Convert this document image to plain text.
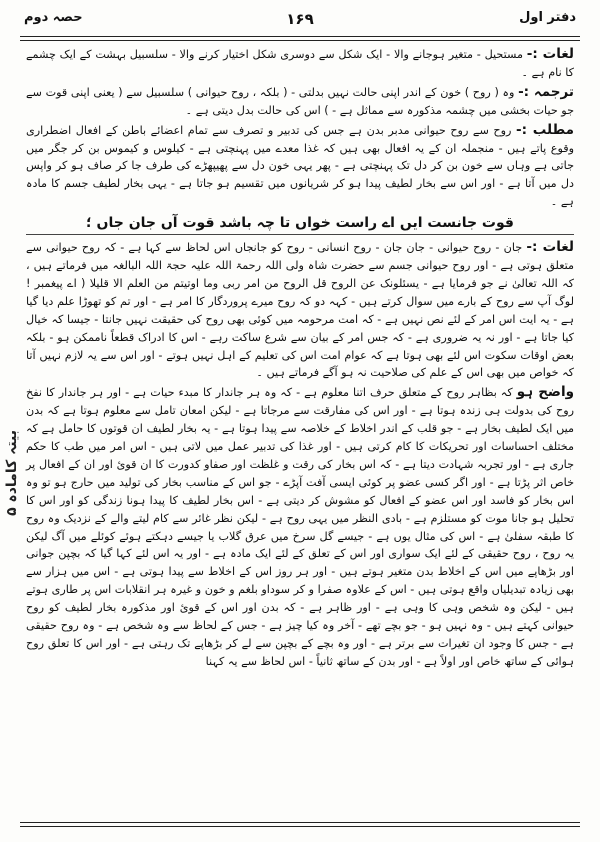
دفتر اول
۱۶۹
حصہ دوم

لغات :- مستحیل - متغیر ہوجانے والا - ایک شکل سے دوسری شکل اختیار کرنے والا - سلسبیل بہشت کے ایک چشمے کا نام ہے ۔

ترجمہ :- وہ ( روح ) خون کے اندر اپنی حالت نہیں بدلتی - ( بلکہ ، روح حیوانی ) سلسبیل سے ( یعنی اپنی قوت سے جو حیات بخشی میں چشمہ مذکورہ سے مماثل ہے - ) اس کی حالت بدل دیتی ہے ۔

مطلب :- روح سے روح حیوانی مدبر بدن ہے جس کی تدبیر و تصرف سے تمام اعضائے باطن کے افعال اضطراری وقوع پاتے ہیں - منجملہ ان کے یہ افعال بھی ہیں کہ غذا معدے میں پہنچتی ہے - کیلوس و کیموس بن کر جگر میں جاتی ہے وہاں سے خون بن کر دل تک پہنچتی ہے - پھر یہی خون دل سے پھیپھڑے کی طرف جا کر صاف ہو کر واپس دل میں آتا ہے - اور اس سے بخار لطیف پیدا ہو کر شریانوں میں تقسیم ہو جاتا ہے - یہی بخار لطیف جسم کا مادہ ہے ۔

قوت جانست ایں اے راست خواں تا چہ باشد قوت آں جان جاں ؛

لغات :- جان - روح حیوانی - جان جان - روح انسانی - روح کو جانجاں اس لحاظ سے کہا ہے - کہ روح حیوانی سے متعلق ہوتی ہے - اور روح حیوانی جسم سے حضرت شاہ ولی اللہ رحمۃ اللہ علیہ حجۃ اللہ البالغہ میں فرماتے ہیں ، کہ اللہ تعالیٰ نے جو فرمایا ہے - یسئلونک عن الروح قل الروح من امر ربی وما اوتیتم من العلم الا قلیلا ( اے پیغمبر ! لوگ آپ سے روح کے بارے میں سوال کرتے ہیں - کہہ دو کہ روح میرے پروردگار کا امر ہے - اور تم کو تھوڑا علم دیا گیا ہے - یہ ایت اس امر کے لئے نص نہیں ہے - کہ امت مرحومہ میں کوئی بھی روح کی حقیقت نہیں جانتا - جیسا کہ خیال کیا جاتا ہے - اور نہ یہ ضروری ہے - کہ جس امر کے بیان سے شرع ساکت رہے - اس کا ادراک قطعاً ناممکن ہو - بلکہ بعض اوقات سکوت اس لئے بھی ہوتا ہے کہ عوام امت اس کی تعلیم کے اہل نہیں ہوتے - اور اس سے یہ لازم نہیں آتا کہ خواص میں بھی اس کے علم کی صلاحیت نہ ہو آگے فرماتے ہیں ۔

واضح ہو کہ بظاہر روح کے متعلق حرف اتنا معلوم ہے - کہ وہ ہر جاندار کا مبدء حیات ہے - اور ہر جاندار کا نفخ روح کی بدولت ہی زندہ ہوتا ہے - اور اس کی مفارقت سے مرجاتا ہے - لیکن امعان تامل سے معلوم ہوتا ہے کہ بدن میں ایک لطیف بخار ہے - جو قلب کے اندر اخلاط کے خلاصہ سے پیدا ہوتا ہے - یہ بخار لطیف ان قوتوں کا حامل ہے کہ مختلف احساسات اور تحریکات کا کام کرتی ہیں - اور غذا کی تدبیر عمل میں لاتی ہیں - اس امر میں طب کا حکم جاری ہے - اور تجربہ شہادت دیتا ہے - کہ اس بخار کی رقت و غلظت اور صفاو کدورت کا ان قوئ اور ان کے افعال پر خاص اثر پڑتا ہے - اور اگر کسی عضو پر کوئی ایسی آفت آپڑے - جو اس کے مناسب بخار کی تولید میں حارج ہو تو وہ اس بخار کو فاسد اور اس عضو کے افعال کو مشوش کر دیتی ہے - اس بخار لطیف کا پیدا ہونا زندگی کو اور اس کا تحلیل ہو جانا موت کو مستلزم ہے - بادی النظر میں یہی روح ہے - لیکن نظر غائر سے کام لیتے والے کے نزدیک وہ روح کا طبقہ سفلیٰ ہے - اس کی مثال یوں ہے - جیسے گل سرخ میں عرق گلاب یا جیسے دہکتے ہوئے کوئلے میں آگ لیکن یہ روح ، روح حقیقی کے لئے ایک سواری اور اس کے تعلق کے لئے ایک مادہ ہے - اور یہ اس لئے کہا گیا کہ بچپن جوانی اور بڑھاپے میں اس کے اخلاط بدن متغیر ہوتے ہیں - اور ہر روز اس کے اخلاط سے پیدا ہوتی ہے - اس میں ہزار سے بھی زیادہ تبدیلیاں واقع ہوتی ہیں - اس کے علاوہ صفرا و کر سوداو بلغم و خون و غیرہ ہر انقلابات اس پر طاری ہوتے ہیں - لیکن وہ شخص وہی کا وہی ہے - اور ظاہر ہے - کہ بدن اور اس کے قوئ اور مذکورہ بخار لطیف کو روح حیوانی کہتے ہیں - وہ نہیں ہو - جو بچے تھے - آخر وہ کیا چیز ہے - جس کے لحاظ سے وہ شخص ہے - وہ روح حقیقی ہے - جس کا وجود ان تغیرات سے برتر ہے - اور وہ بچے کے بچپن سے لے کر بڑھاپے تک رہتی ہے - اور اس کا تعلق روح ہوائی کے ساتھ خاص اور اولاً ہے - اور بدن کے ساتھ ثانیاً - اس لحاظ سے یہ کہنا

۵ بیتہ کامادہ
